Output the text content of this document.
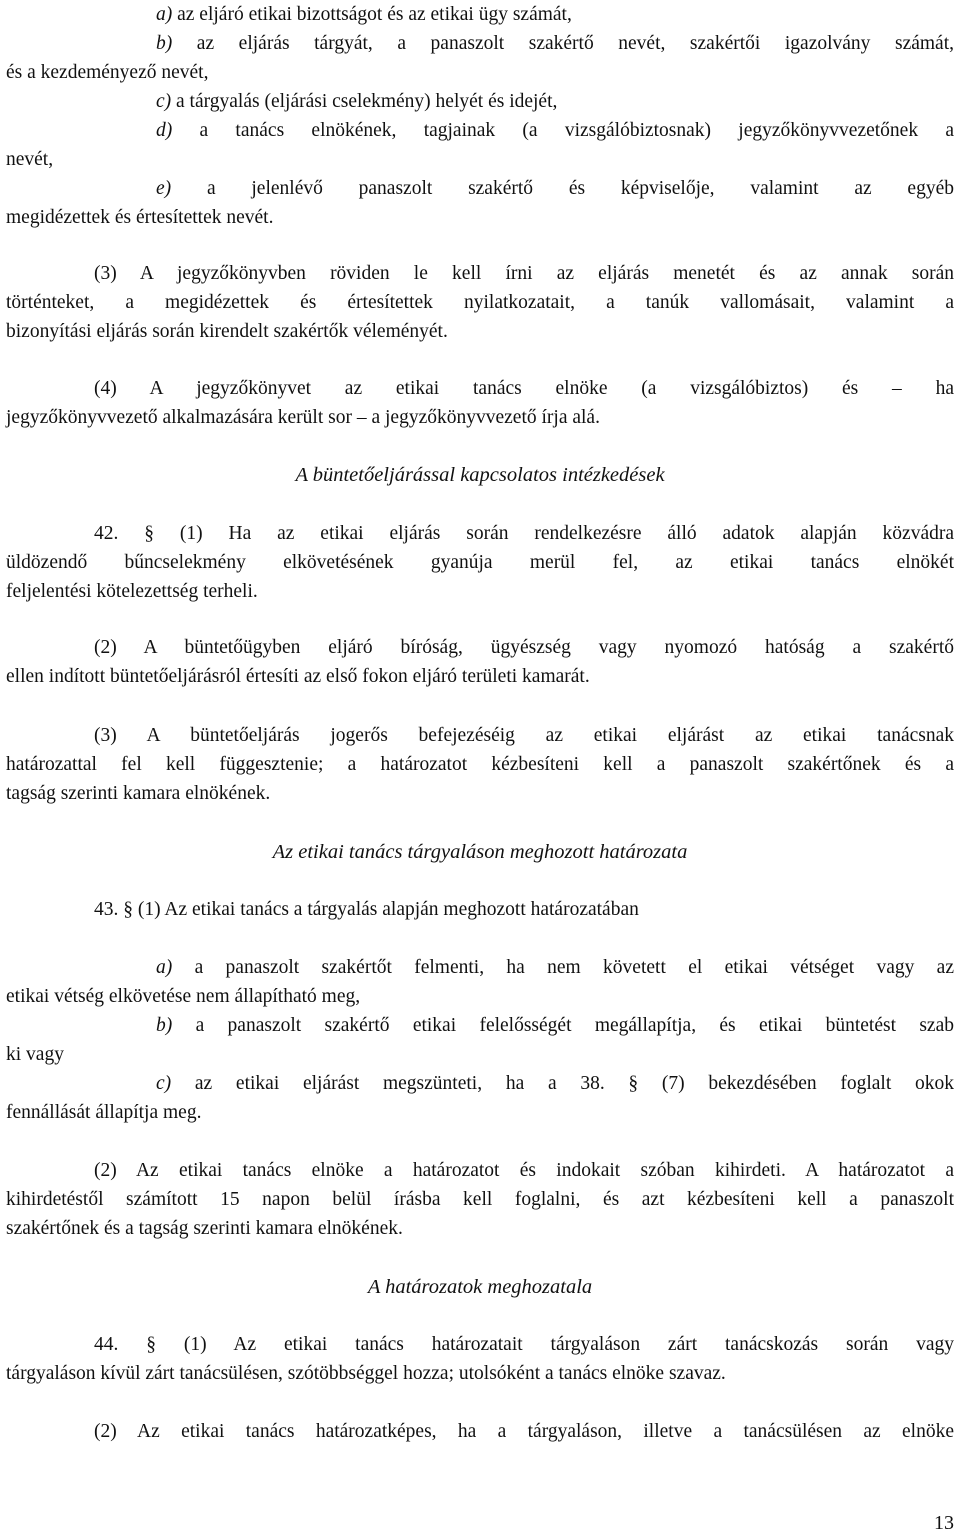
a) az eljáró etikai bizottságot és az etikai ügy számát,
b) az eljárás tárgyát, a panaszolt szakértő nevét, szakértői igazolvány számát,
és a kezdeményező nevét,
c) a tárgyalás (eljárási cselekmény) helyét és idejét,
d) a tanács elnökének, tagjainak (a vizsgálóbiztosnak) jegyzőkönyvvezetőnek a
nevét,
e) a jelenlévő panaszolt szakértő és képviselője, valamint az egyéb
megidézettek és értesítettek nevét.
(3) A jegyzőkönyvben röviden le kell írni az eljárás menetét és az annak során
történteket, a megidézettek és értesítettek nyilatkozatait, a tanúk vallomásait, valamint a
bizonyítási eljárás során kirendelt szakértők véleményét.
(4) A jegyzőkönyvet az etikai tanács elnöke (a vizsgálóbiztos) és – ha
jegyzőkönyvvezető alkalmazására került sor – a jegyzőkönyvvezető írja alá.
A büntetőeljárással kapcsolatos intézkedések
42. § (1) Ha az etikai eljárás során rendelkezésre álló adatok alapján közvádra
üldözendő bűncselekmény elkövetésének gyanúja merül fel, az etikai tanács elnökét
feljelentési kötelezettség terheli.
(2) A büntetőügyben eljáró bíróság, ügyészség vagy nyomozó hatóság a szakértő
ellen indított büntetőeljárásról értesíti az első fokon eljáró területi kamarát.
(3) A büntetőeljárás jogerős befejezéséig az etikai eljárást az etikai tanácsnak
határozattal fel kell függesztenie; a határozatot kézbesíteni kell a panaszolt szakértőnek és a
tagság szerinti kamara elnökének.
Az etikai tanács tárgyaláson meghozott határozata
43. § (1) Az etikai tanács a tárgyalás alapján meghozott határozatában
a) a panaszolt szakértőt felmenti, ha nem követett el etikai vétséget vagy az
etikai vétség elkövetése nem állapítható meg,
b) a panaszolt szakértő etikai felelősségét megállapítja, és etikai büntetést szab
ki vagy
c) az etikai eljárást megszünteti, ha a 38. § (7) bekezdésében foglalt okok
fennállását állapítja meg.
(2) Az etikai tanács elnöke a határozatot és indokait szóban kihirdeti. A határozatot a
kihirdetéstől számított 15 napon belül írásba kell foglalni, és azt kézbesíteni kell a panaszolt
szakértőnek és a tagság szerinti kamara elnökének.
A határozatok meghozatala
44. § (1) Az etikai tanács határozatait tárgyaláson zárt tanácskozás során vagy
tárgyaláson kívül zárt tanácsülésen, szótöbbséggel hozza; utolsóként a tanács elnöke szavaz.
(2) Az etikai tanács határozatképes, ha a tárgyaláson, illetve a tanácsülésen az elnöke
13
